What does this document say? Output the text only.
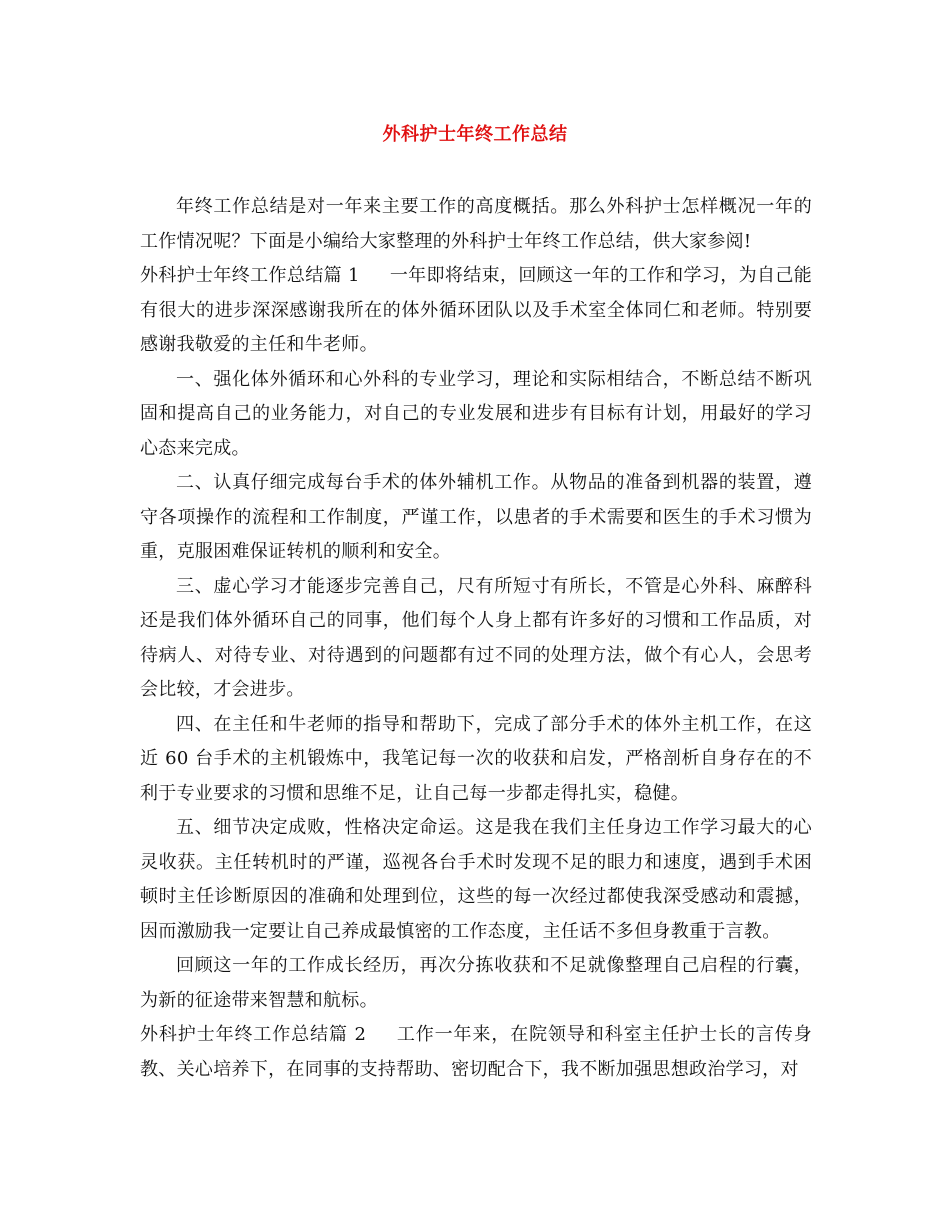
外科护士年终工作总结

年终工作总结是对一年来主要工作的高度概括。那么外科护士怎样概况一年的工作情况呢？下面是小编给大家整理的外科护士年终工作总结，供大家参阅!

外科护士年终工作总结篇 1 一年即将结束，回顾这一年的工作和学习，为自己能有很大的进步深深感谢我所在的体外循环团队以及手术室全体同仁和老师。特别要感谢我敬爱的主任和牛老师。

一、强化体外循环和心外科的专业学习，理论和实际相结合，不断总结不断巩固和提高自己的业务能力，对自己的专业发展和进步有目标有计划，用最好的学习心态来完成。

二、认真仔细完成每台手术的体外辅机工作。从物品的准备到机器的装置，遵守各项操作的流程和工作制度，严谨工作，以患者的手术需要和医生的手术习惯为重，克服困难保证转机的顺利和安全。

三、虚心学习才能逐步完善自己，尺有所短寸有所长，不管是心外科、麻醉科还是我们体外循环自己的同事，他们每个人身上都有许多好的习惯和工作品质，对待病人、对待专业、对待遇到的问题都有过不同的处理方法，做个有心人，会思考会比较，才会进步。

四、在主任和牛老师的指导和帮助下，完成了部分手术的体外主机工作，在这近 60 台手术的主机锻炼中，我笔记每一次的收获和启发，严格剖析自身存在的不利于专业要求的习惯和思维不足，让自己每一步都走得扎实，稳健。

五、细节决定成败，性格决定命运。这是我在我们主任身边工作学习最大的心灵收获。主任转机时的严谨，巡视各台手术时发现不足的眼力和速度，遇到手术困顿时主任诊断原因的准确和处理到位，这些的每一次经过都使我深受感动和震撼，因而激励我一定要让自己养成最慎密的工作态度，主任话不多但身教重于言教。

回顾这一年的工作成长经历，再次分拣收获和不足就像整理自己启程的行囊，为新的征途带来智慧和航标。

外科护士年终工作总结篇 2 工作一年来，在院领导和科室主任护士长的言传身教、关心培养下，在同事的支持帮助、密切配合下，我不断加强思想政治学习，对
